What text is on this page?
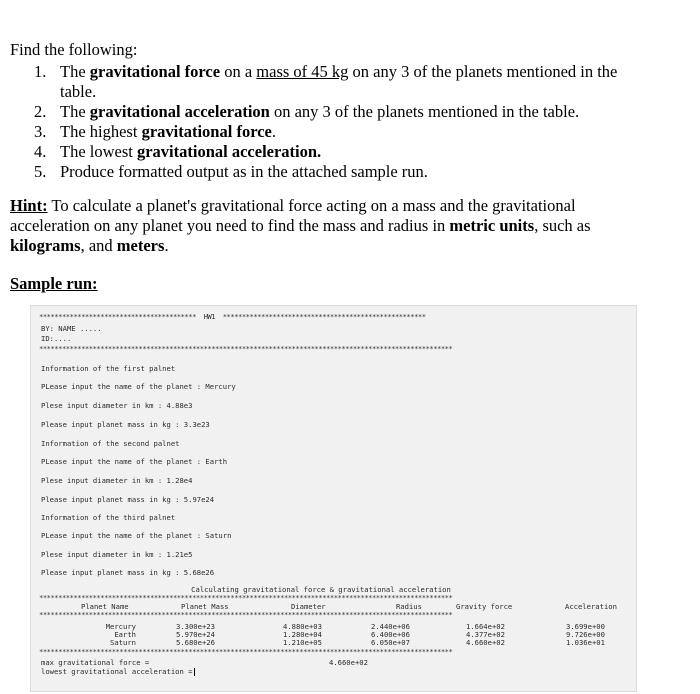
Find the following:
1. The gravitational force on a mass of 45 kg on any 3 of the planets mentioned in the table.
2. The gravitational acceleration on any 3 of the planets mentioned in the table.
3. The highest gravitational force.
4. The lowest gravitational acceleration.
5. Produce formatted output as in the attached sample run.
Hint: To calculate a planet's gravitational force acting on a mass and the gravitational acceleration on any planet you need to find the mass and radius in metric units, such as kilograms, and meters.
Sample run:
*****************************************  HW1  *****************************************************
BY: NAME .....
ID:....
************************************************************************************************************
Information of the first palnet
PLease input the name of the planet : Mercury
Plese input diameter in km : 4.88e3
Please input planet mass in kg : 3.3e23
Information of the second palnet
PLease input the name of the planet : Earth
Plese input diameter in km : 1.28e4
Please input planet mass in kg : 5.97e24
Information of the third palnet
PLease input the name of the planet : Saturn
Plese input diameter in km : 1.21e5
Please input planet mass in kg : 5.68e26
Calculating gravitational force & gravitational acceleration
************************************************************************************************************
Planet Name	Planet Mass	Diameter	Radius	Gravity force	Acceleration
************************************************************************************************************
Mercury	3.300e+23	4.880e+03	2.440e+06	1.664e+02	3.699e+00
Earth	5.970e+24	1.280e+04	6.400e+06	4.377e+02	9.726e+00
Saturn	5.680e+26	1.210e+05	6.050e+07	4.660e+02	1.036e+01
************************************************************************************************************
max gravitational force =	4.660e+02
lowest gravitational acceleration =
